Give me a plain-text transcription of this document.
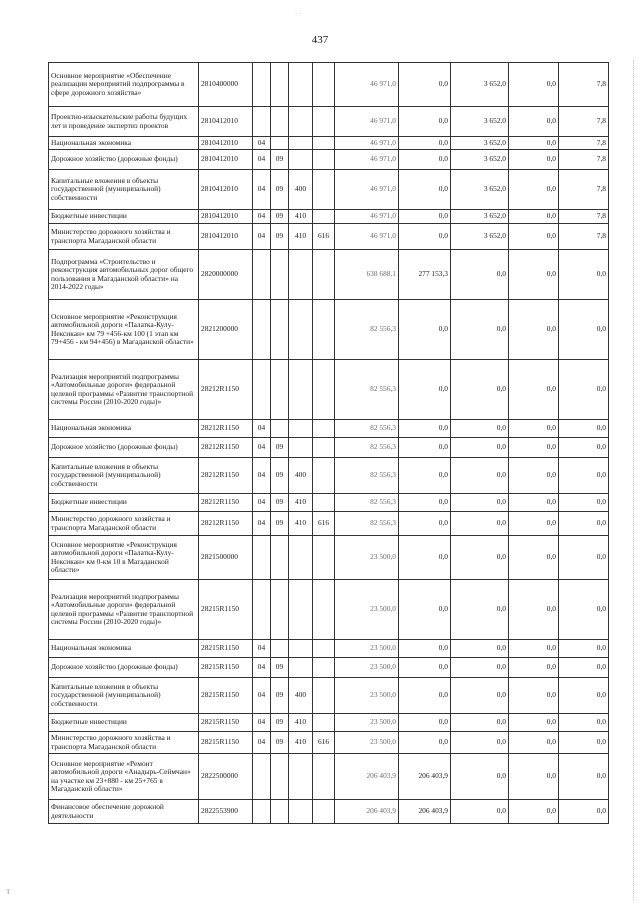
· ·
437
Основное мероприятие «Обеспечение реализации мероприятий подпрограммы в сфере дорожного хозяйства»	2810400000					46 971,0	0,0	3 652,0	0,0	7,8
Проектно-изыскательские работы будущих лет и проведение экспертиз проектов	2810412010					46 971,0	0,0	3 652,0	0,0	7,8
Национальная экономика	2810412010	04				46 971,0	0,0	3 652,0	0,0	7,8
Дорожное хозяйство (дорожные фонды)	2810412010	04	09			46 971,0	0,0	3 652,0	0,0	7,8
Капитальные вложения в объекты государственной (муниципальной) собственности	2810412010	04	09	400		46 971,0	0,0	3 652,0	0,0	7,8
Бюджетные инвестиции	2810412010	04	09	410		46 971,0	0,0	3 652,0	0,0	7,8
Министерство дорожного хозяйства и транспорта Магаданской области	2810412010	04	09	410	616	46 971,0	0,0	3 652,0	0,0	7,8
Подпрограмма «Строительство и реконструкция автомобильных дорог общего пользования в Магаданской области» на 2014-2022 годы»	2820000000					638 688,1	277 153,3	0,0	0,0	0,0
Основное мероприятие «Реконструкция автомобильной дороги «Палатка-Кулу-Нексикан» км 79 +456-км 100 (1 этап км 79+456 - км 94+456) в Магаданской области»	2821200000					82 556,3	0,0	0,0	0,0	0,0
Реализация мероприятий подпрограммы «Автомобильные дороги» федеральной целевой программы «Развитие транспортной системы России (2010-2020 годы)»	28212R1150					82 556,3	0,0	0,0	0,0	0,0
Национальная экономика	28212R1150	04				82 556,3	0,0	0,0	0,0	0,0
Дорожное хозяйство (дорожные фонды)	28212R1150	04	09			82 556,3	0,0	0,0	0,0	0,0
Капитальные вложения в объекты государственной (муниципальной) собственности	28212R1150	04	09	400		82 556,3	0,0	0,0	0,0	0,0
Бюджетные инвестиции	28212R1150	04	09	410		82 556,3	0,0	0,0	0,0	0,0
Министерство дорожного хозяйства и транспорта Магаданской области	28212R1150	04	09	410	616	82 556,3	0,0	0,0	0,0	0,0
Основное мероприятие «Реконструкция автомобильной дороги «Палатка-Кулу-Нексикан» км 0-км 10 в Магаданской области»	2821500000					23 500,0	0,0	0,0	0,0	0,0
Реализация мероприятий подпрограммы «Автомобильные дороги» федеральной целевой программы «Развитие транспортной системы России (2010-2020 годы)»	28215R1150					23 500,0	0,0	0,0	0,0	0,0
Национальная экономика	28215R1150	04				23 500,0	0,0	0,0	0,0	0,0
Дорожное хозяйство (дорожные фонды)	28215R1150	04	09			23 500,0	0,0	0,0	0,0	0,0
Капитальные вложения в объекты государственной (муниципальной) собственности	28215R1150	04	09	400		23 500,0	0,0	0,0	0,0	0,0
Бюджетные инвестиции	28215R1150	04	09	410		23 500,0	0,0	0,0	0,0	0,0
Министерство дорожного хозяйства и транспорта Магаданской области	28215R1150	04	09	410	616	23 500,0	0,0	0,0	0,0	0,0
Основное мероприятие «Ремонт автомобильной дороги «Анадырь-Сеймчан» на участке км 23+880 - км 25+765 в Магаданской области»	2822500000					206 403,9	206 403,9	0,0	0,0	0,0
Финансовое обеспечение дорожной деятельности	2822553900					206 403,9	206 403,9	0,0	0,0	0,0
ⲧ
